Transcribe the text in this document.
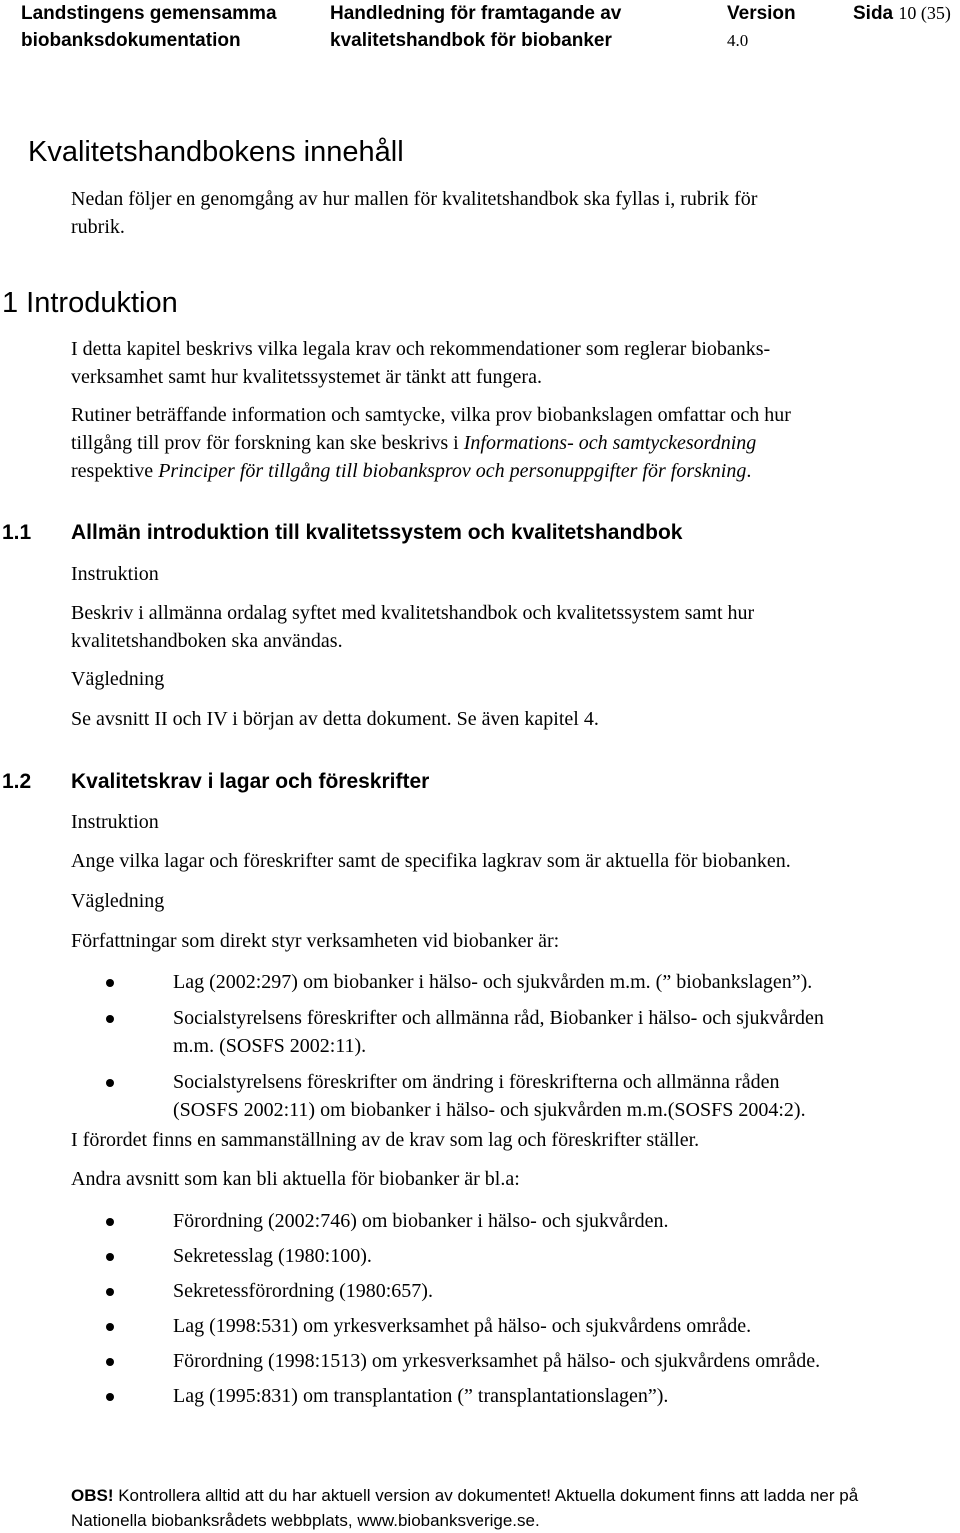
Landstingens gemensamma
biobanksdokumentation
Handledning för framtagande av
kvalitetshandbok för biobanker
Version
4.0
Sida 10 (35)
Kvalitetshandbokens innehåll
Nedan följer en genomgång av hur mallen för kvalitetshandbok ska fyllas i, rubrik för
rubrik.
1 Introduktion
I detta kapitel beskrivs vilka legala krav och rekommendationer som reglerar biobanks-
verksamhet samt hur kvalitetssystemet är tänkt att fungera.
Rutiner beträffande information och samtycke, vilka prov biobankslagen omfattar och hur
tillgång till prov för forskning kan ske beskrivs i Informations- och samtyckesordning
respektive Principer för tillgång till biobanksprov och personuppgifter för forskning.
1.1 Allmän introduktion till kvalitetssystem och kvalitetshandbok
Instruktion
Beskriv i allmänna ordalag syftet med kvalitetshandbok och kvalitetssystem samt hur
kvalitetshandboken ska användas.
Vägledning
Se avsnitt II och IV i början av detta dokument. Se även kapitel 4.
1.2 Kvalitetskrav i lagar och föreskrifter
Instruktion
Ange vilka lagar och föreskrifter samt de specifika lagkrav som är aktuella för biobanken.
Vägledning
Författningar som direkt styr verksamheten vid biobanker är:
Lag (2002:297) om biobanker i hälso- och sjukvården m.m. (” biobankslagen”).
Socialstyrelsens föreskrifter och allmänna råd, Biobanker i hälso- och sjukvården
m.m. (SOSFS 2002:11).
Socialstyrelsens föreskrifter om ändring i föreskrifterna och allmänna råden
(SOSFS 2002:11) om biobanker i hälso- och sjukvården m.m.(SOSFS 2004:2).
I förordet finns en sammanställning av de krav som lag och föreskrifter ställer.
Andra avsnitt som kan bli aktuella för biobanker är bl.a:
Förordning (2002:746) om biobanker i hälso- och sjukvården.
Sekretesslag (1980:100).
Sekretessförordning (1980:657).
Lag (1998:531) om yrkesverksamhet på hälso- och sjukvårdens område.
Förordning (1998:1513) om yrkesverksamhet på hälso- och sjukvårdens område.
Lag (1995:831) om transplantation (” transplantationslagen”).
OBS! Kontrollera alltid att du har aktuell version av dokumentet! Aktuella dokument finns att ladda ner på
Nationella biobanksrådets webbplats, www.biobanksverige.se.
